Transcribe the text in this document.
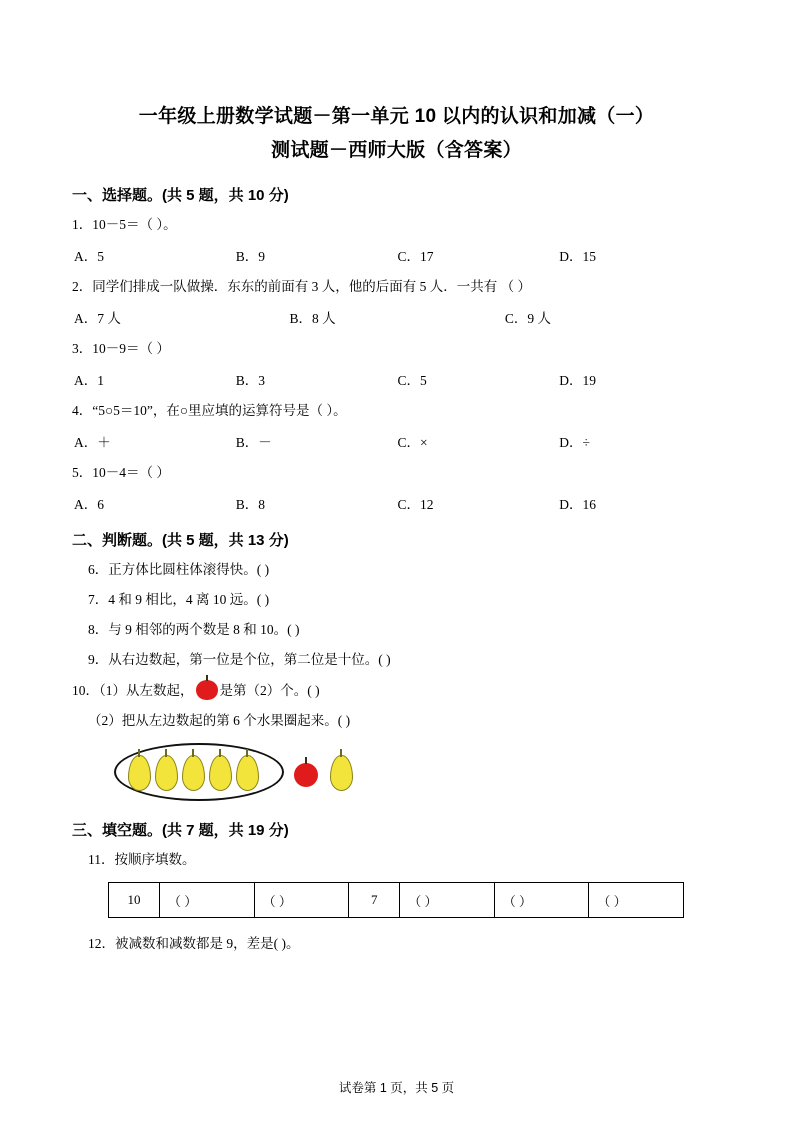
一年级上册数学试题－第一单元 10 以内的认识和加减（一）
测试题－西师大版（含答案）
一、选择题。(共 5 题，共 10 分)
1．10－5＝（ ）。
A．5	B．9	C．17	D．15
2．同学们排成一队做操．东东的前面有 3 人，他的后面有 5 人．一共有 （ ）
A．7 人	B．8 人	C．9 人
3．10－9＝（ ）
A．1	B．3	C．5	D．19
4．“5○5＝10”，在○里应填的运算符号是（ ）。
A．＋	B．－	C．×	D．÷
5．10－4＝（ ）
A．6	B．8	C．12	D．16
二、判断题。(共 5 题，共 13 分)
6．正方体比圆柱体滚得快。( )
7．4 和 9 相比，4 离 10 远。( )
8．与 9 相邻的两个数是 8 和 10。( )
9．从右边数起，第一位是个位，第二位是十位。( )
10．（1）从左数起， 是第（2）个。( )
（2）把从左边数起的第 6 个水果圈起来。( )
三、填空题。(共 7 题，共 19 分)
11．按顺序填数。
10	（ ）	（ ）	7	（ ）	（ ）	（ ）
12．被减数和减数都是 9，差是( )。
试卷第 1 页，共 5 页
